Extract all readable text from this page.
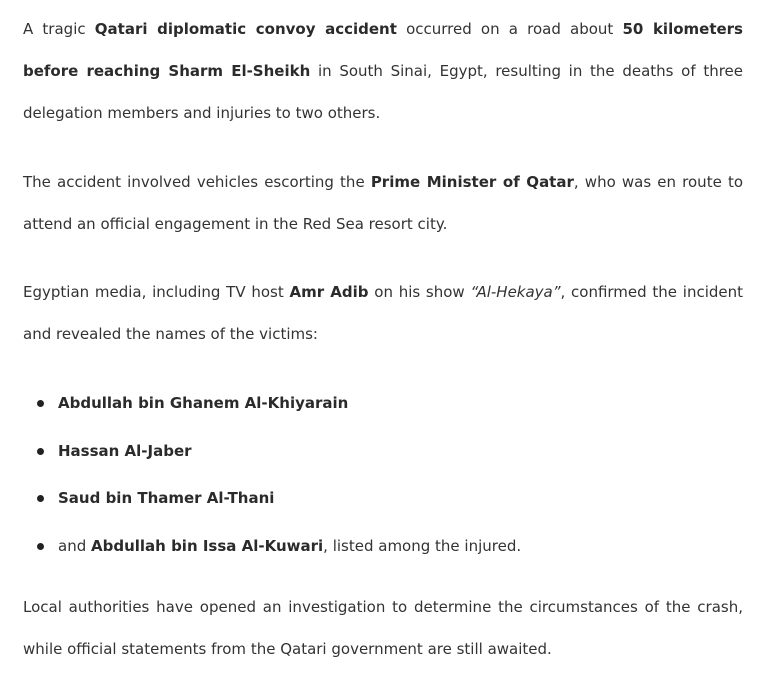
A tragic Qatari diplomatic convoy accident occurred on a road about 50 kilometers before reaching Sharm El-Sheikh in South Sinai, Egypt, resulting in the deaths of three delegation members and injuries to two others.

The accident involved vehicles escorting the Prime Minister of Qatar, who was en route to attend an official engagement in the Red Sea resort city.

Egyptian media, including TV host Amr Adib on his show “Al-Hekaya”, confirmed the incident and revealed the names of the victims:

Abdullah bin Ghanem Al-Khiyarain
Hassan Al-Jaber
Saud bin Thamer Al-Thani
and Abdullah bin Issa Al-Kuwari, listed among the injured.

Local authorities have opened an investigation to determine the circumstances of the crash, while official statements from the Qatari government are still awaited.
